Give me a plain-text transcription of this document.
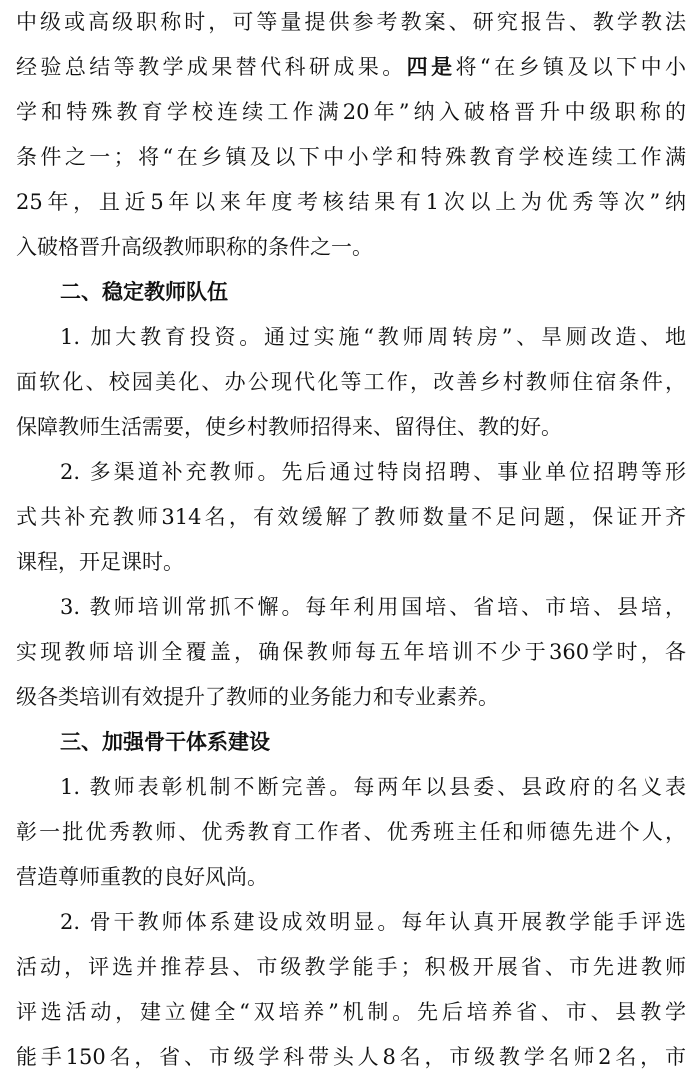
中级或高级职称时，可等量提供参考教案、研究报告、教学教法
经验总结等教学成果替代科研成果。四是将“在乡镇及以下中小
学和特殊教育学校连续工作满20年”纳入破格晋升中级职称的
条件之一；将“在乡镇及以下中小学和特殊教育学校连续工作满
25年，且近5年以来年度考核结果有1次以上为优秀等次”纳
入破格晋升高级教师职称的条件之一。
二、稳定教师队伍
1. 加大教育投资。通过实施“教师周转房”、旱厕改造、地
面软化、校园美化、办公现代化等工作，改善乡村教师住宿条件，
保障教师生活需要，使乡村教师招得来、留得住、教的好。
2. 多渠道补充教师。先后通过特岗招聘、事业单位招聘等形
式共补充教师314名，有效缓解了教师数量不足问题，保证开齐
课程，开足课时。
3. 教师培训常抓不懈。每年利用国培、省培、市培、县培，
实现教师培训全覆盖，确保教师每五年培训不少于360学时，各
级各类培训有效提升了教师的业务能力和专业素养。
三、加强骨干体系建设
1. 教师表彰机制不断完善。每两年以县委、县政府的名义表
彰一批优秀教师、优秀教育工作者、优秀班主任和师德先进个人，
营造尊师重教的良好风尚。
2. 骨干教师体系建设成效明显。每年认真开展教学能手评选
活动，评选并推荐县、市级教学能手；积极开展省、市先进教师
评选活动，建立健全“双培养”机制。先后培养省、市、县教学
能手150名，省、市级学科带头人8名，市级教学名师2名，市
